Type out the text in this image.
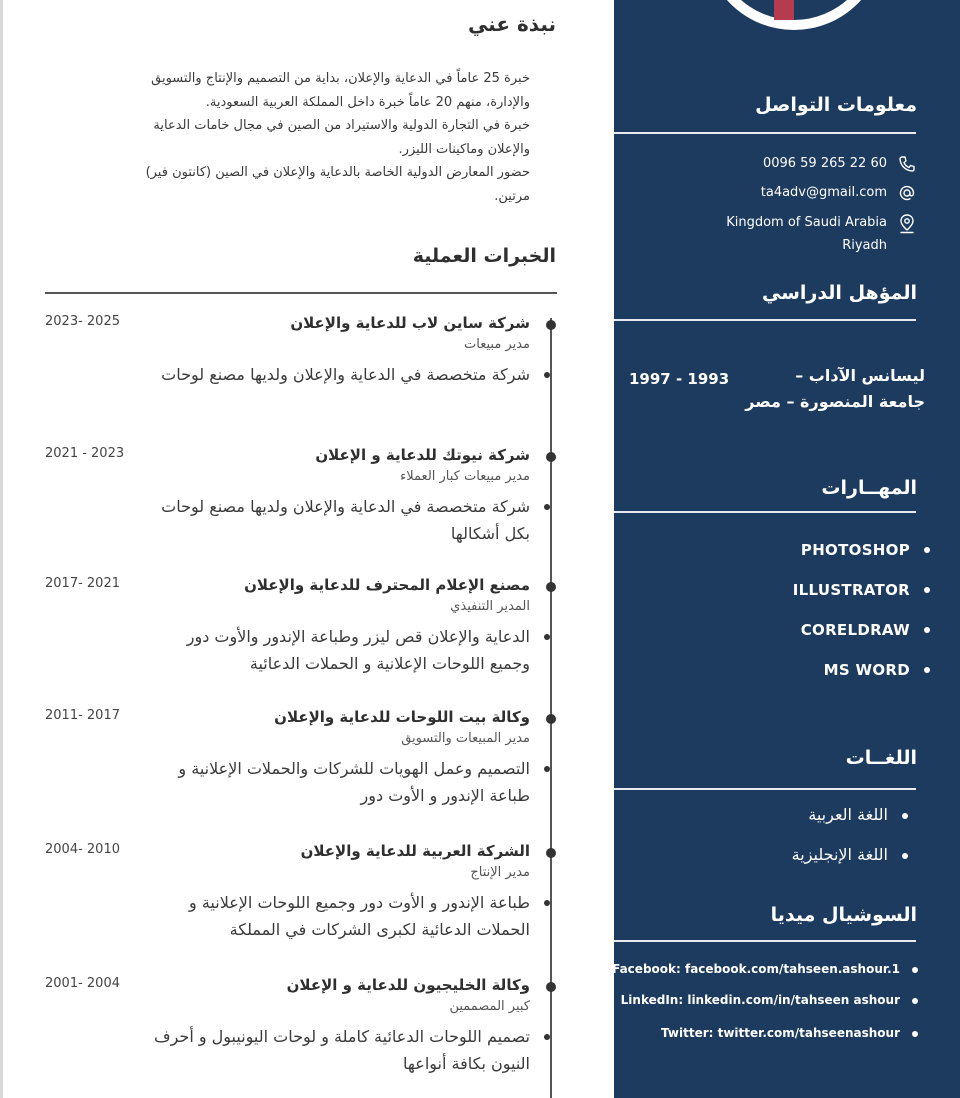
نبذة عني

خبرة 25 عاماً في الدعاية والإعلان، بداية من التصميم والإنتاج والتسويق

والإدارة، منهم 20 عاماً خبرة داخل المملكة العربية السعودية.

خبرة في التجارة الدولية والاستيراد من الصين في مجال خامات الدعاية

والإعلان وماكينات الليزر.

حضور المعارض الدولية الخاصة بالدعاية والإعلان في الصين (كانتون فير)

مرتين.

الخبرات العملية
شركة ساين لاب للدعاية والإعلان
2023- 2025
مدير مبيعات
شركة متخصصة في الدعاية والإعلان ولديها مصنع لوحات
شركة نيوتك للدعاية و الإعلان
2021 - 2023
مدير مبيعات كبار العملاء
شركة متخصصة في الدعاية والإعلان ولديها مصنع لوحات
بكل أشكالها
مصنع الإعلام المحترف للدعاية والإعلان
2017- 2021
المدير التنفيذي
الدعاية والإعلان قص ليزر وطباعة الإندور والأوت دور
وجميع اللوحات الإعلانية و الحملات الدعائية
وكالة بيت اللوحات للدعاية والإعلان
2011- 2017
مدير المبيعات والتسويق
التصميم وعمل الهويات للشركات والحملات الإعلانية و
طباعة الإندور و الأوت دور
الشركة العربية للدعاية والإعلان
2004- 2010
مدير الإنتاج
طباعة الإندور و الأوت دور وجميع اللوحات الإعلانية و
الحملات الدعائية لكبرى الشركات في المملكة
وكالة الخليجيون للدعاية و الإعلان
2001- 2004
كبير المصممين
تصميم اللوحات الدعائية كاملة و لوحات اليونيبول و أحرف
النيون بكافة أنواعها
معلومات التواصل
0096 59 265 22 60
ta4adv@gmail.com
Kingdom of Saudi Arabia
Riyadh
المؤهل الدراسي
ليسانس الآداب –
جامعة المنصورة – مصر
1997 - 1993
المهــارات
PHOTOSHOP
ILLUSTRATOR
CORELDRAW
MS WORD
اللغــات
اللغة العربية
اللغة الإنجليزية
السوشيال ميديا
Facebook: facebook.com/tahseen.ashour.1
LinkedIn: linkedin.com/in/tahseen ashour
Twitter: twitter.com/tahseenashour
